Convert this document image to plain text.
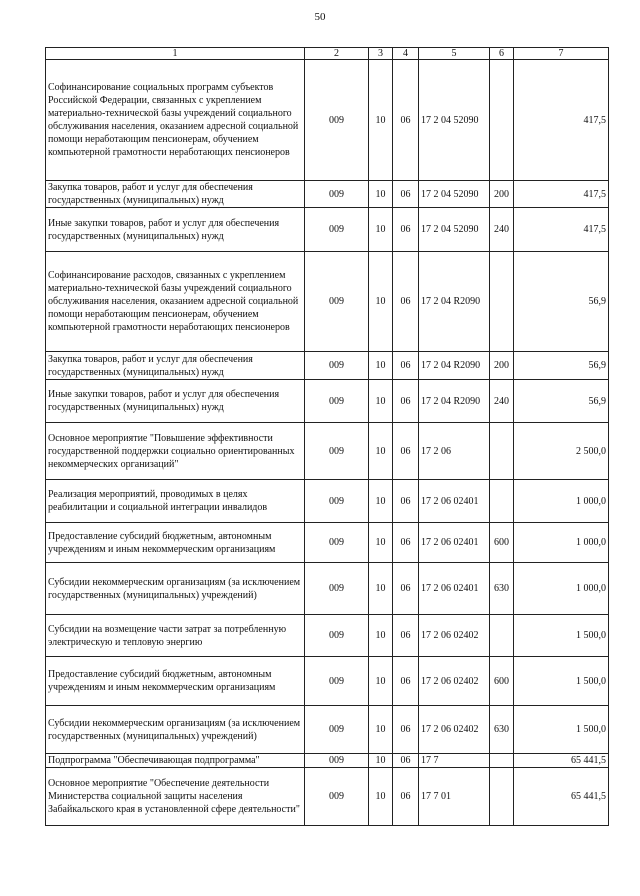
50
1	2	3	4	5	6	7
Софинансирование социальных программ субъектов Российской Федерации, связанных с укреплением материально-технической базы учреждений социального обслуживания населения, оказанием адресной социальной помощи неработающим пенсионерам, обучением компьютерной грамотности неработающих пенсионеров	009	10	06	17 2 04 52090		417,5
Закупка товаров, работ и услуг для обеспечения государственных (муниципальных) нужд	009	10	06	17 2 04 52090	200	417,5
Иные закупки товаров, работ и услуг для обеспечения государственных (муниципальных) нужд	009	10	06	17 2 04 52090	240	417,5
Софинансирование расходов, связанных с укреплением материально-технической базы учреждений социального обслуживания населения, оказанием адресной социальной помощи неработающим пенсионерам, обучением компьютерной грамотности неработающих пенсионеров	009	10	06	17 2 04 R2090		56,9
Закупка товаров, работ и услуг для обеспечения государственных (муниципальных) нужд	009	10	06	17 2 04 R2090	200	56,9
Иные закупки товаров, работ и услуг для обеспечения государственных (муниципальных) нужд	009	10	06	17 2 04 R2090	240	56,9
Основное мероприятие "Повышение эффективности государственной поддержки социально ориентированных некоммерческих организаций"	009	10	06	17 2 06		2 500,0
Реализация мероприятий, проводимых в целях реабилитации и социальной интеграции инвалидов	009	10	06	17 2 06 02401		1 000,0
Предоставление субсидий бюджетным, автономным учреждениям и иным некоммерческим организациям	009	10	06	17 2 06 02401	600	1 000,0
Субсидии некоммерческим организациям (за исключением государственных (муниципальных) учреждений)	009	10	06	17 2 06 02401	630	1 000,0
Субсидии на возмещение части затрат за потребленную электрическую и тепловую энергию	009	10	06	17 2 06 02402		1 500,0
Предоставление субсидий бюджетным, автономным учреждениям и иным некоммерческим организациям	009	10	06	17 2 06 02402	600	1 500,0
Субсидии некоммерческим организациям (за исключением государственных (муниципальных) учреждений)	009	10	06	17 2 06 02402	630	1 500,0
Подпрограмма "Обеспечивающая подпрограмма"	009	10	06	17 7		65 441,5
Основное мероприятие "Обеспечение деятельности Министерства социальной защиты населения Забайкальского края в установленной сфере деятельности"	009	10	06	17 7 01		65 441,5
